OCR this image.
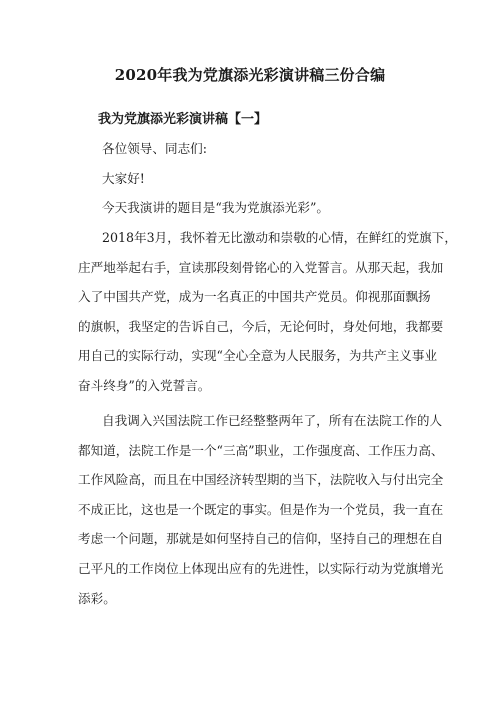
2020年我为党旗添光彩演讲稿三份合编
我为党旗添光彩演讲稿【一】
各位领导、同志们:
大家好!
今天我演讲的题目是“我为党旗添光彩”。
2018年3月，我怀着无比激动和崇敬的心情，在鲜红的党旗下，
庄严地举起右手，宣读那段刻骨铭心的入党誓言。从那天起，我加
入了中国共产党，成为一名真正的中国共产党员。仰视那面飘扬
的旗帜，我坚定的告诉自己，今后，无论何时，身处何地，我都要
用自己的实际行动，实现“全心全意为人民服务，为共产主义事业
奋斗终身”的入党誓言。
自我调入兴国法院工作已经整整两年了，所有在法院工作的人
都知道，法院工作是一个“三高”职业，工作强度高、工作压力高、
工作风险高，而且在中国经济转型期的当下，法院收入与付出完全
不成正比，这也是一个既定的事实。但是作为一个党员，我一直在
考虑一个问题，那就是如何坚持自己的信仰，坚持自己的理想在自
己平凡的工作岗位上体现出应有的先进性，以实际行动为党旗增光
添彩。
